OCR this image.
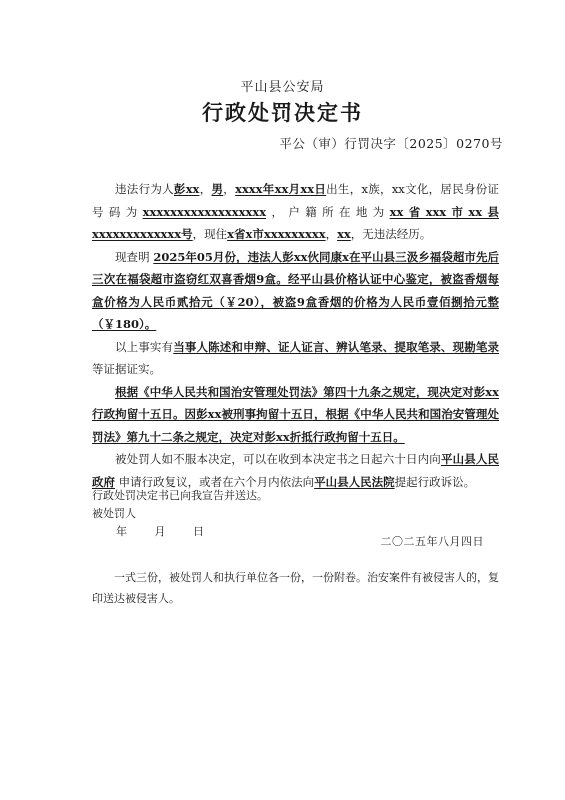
平山县公安局
行政处罚决定书
平公（审）行罚决字〔2025〕0270号

违法行为人彭xx，男，xxxx年xx月xx日出生，x族，xx文化，居民身份证号码为xxxxxxxxxxxxxxxxxx，户籍所在地为xx省xxx市xx县xxxxxxxxxxxxx号，现住x省x市xxxxxxxxx，xx，无违法经历。

现查明 2025年05月份，违法人彭xx伙同康x在平山县三汲乡福袋超市先后三次在福袋超市盗窃红双喜香烟9盒。经平山县价格认证中心鉴定，被盗香烟每盒价格为人民币贰拾元（￥20），被盗9盒香烟的价格为人民币壹佰捌拾元整（￥180）。

以上事实有当事人陈述和申辩、证人证言、辨认笔录、提取笔录、现勘笔录等证据证实。

根据《中华人民共和国治安管理处罚法》第四十九条之规定，现决定对彭xx行政拘留十五日。因彭xx被刑事拘留十五日，根据《中华人民共和国治安管理处罚法》第九十二条之规定，决定对彭xx折抵行政拘留十五日。

被处罚人如不服本决定，可以在收到本决定书之日起六十日内向平山县人民政府 申请行政复议，或者在六个月内依法向平山县人民法院提起行政诉讼。

行政处罚决定书已向我宣告并送达。
被处罚人
年 月 日
二〇二五年八月四日
一式三份，被处罚人和执行单位各一份，一份附卷。治安案件有被侵害人的，复印送达被侵害人。
